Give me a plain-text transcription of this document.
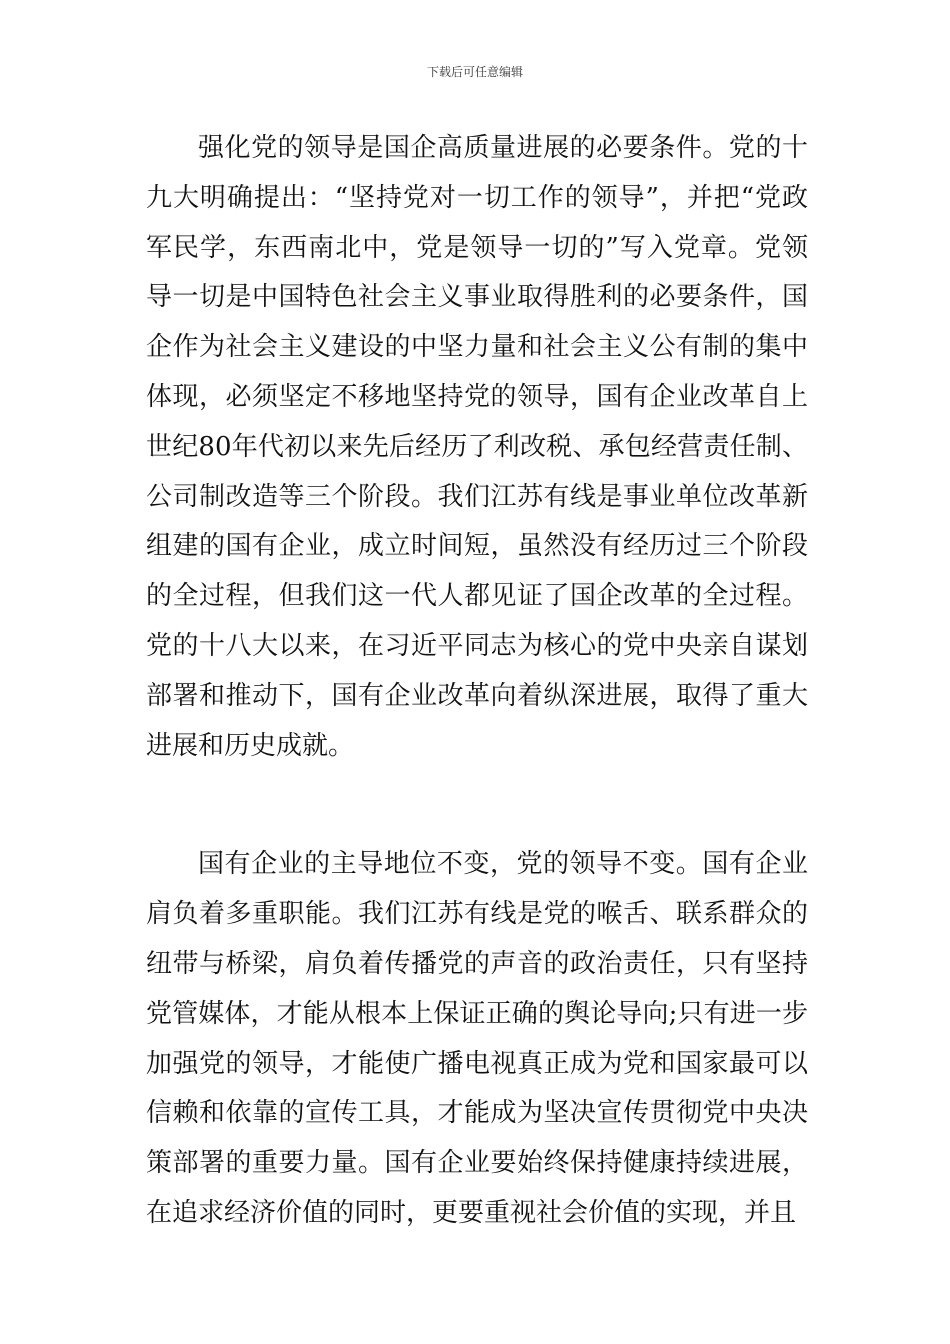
下载后可任意编辑

强化党的领导是国企高质量进展的必要条件。党的十九大明确提出：“坚持党对一切工作的领导”，并把“党政军民学，东西南北中，党是领导一切的”写入党章。党领导一切是中国特色社会主义事业取得胜利的必要条件，国企作为社会主义建设的中坚力量和社会主义公有制的集中体现，必须坚定不移地坚持党的领导，国有企业改革自上世纪80年代初以来先后经历了利改税、承包经营责任制、公司制改造等三个阶段。我们江苏有线是事业单位改革新组建的国有企业，成立时间短，虽然没有经历过三个阶段的全过程，但我们这一代人都见证了国企改革的全过程。党的十八大以来，在习近平同志为核心的党中央亲自谋划部署和推动下，国有企业改革向着纵深进展，取得了重大进展和历史成就。

国有企业的主导地位不变，党的领导不变。国有企业肩负着多重职能。我们江苏有线是党的喉舌、联系群众的纽带与桥梁，肩负着传播党的声音的政治责任，只有坚持党管媒体，才能从根本上保证正确的舆论导向;只有进一步加强党的领导，才能使广播电视真正成为党和国家最可以信赖和依靠的宣传工具，才能成为坚决宣传贯彻党中央决策部署的重要力量。国有企业要始终保持健康持续进展，在追求经济价值的同时，更要重视社会价值的实现，并且
